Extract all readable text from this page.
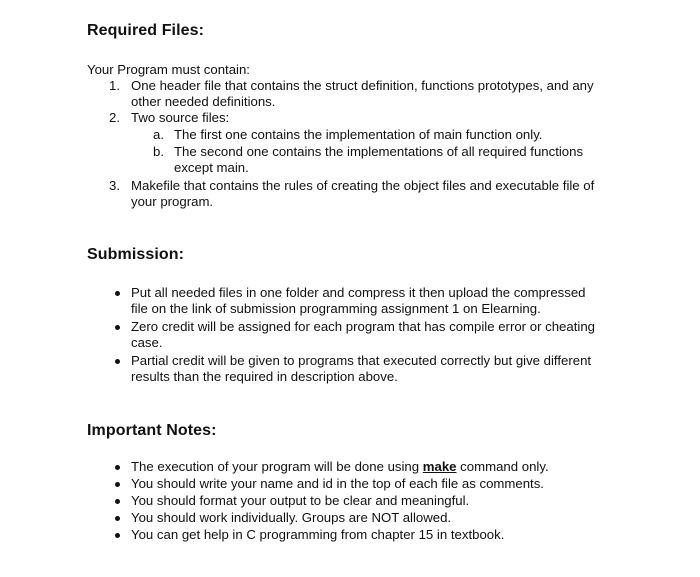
Required Files:

Your Program must contain:

1. One header file that contains the struct definition, functions prototypes, and any

other needed definitions.

2. Two source files:

a. The first one contains the implementation of main function only.

b. The second one contains the implementations of all required functions

except main.

3. Makefile that contains the rules of creating the object files and executable file of

your program.

Submission:

Put all needed files in one folder and compress it then upload the compressed

file on the link of submission programming assignment 1 on Elearning.

Zero credit will be assigned for each program that has compile error or cheating

case.

Partial credit will be given to programs that executed correctly but give different

results than the required in description above.

Important Notes:

The execution of your program will be done using make command only.

You should write your name and id in the top of each file as comments.

You should format your output to be clear and meaningful.

You should work individually. Groups are NOT allowed.

You can get help in C programming from chapter 15 in textbook.
